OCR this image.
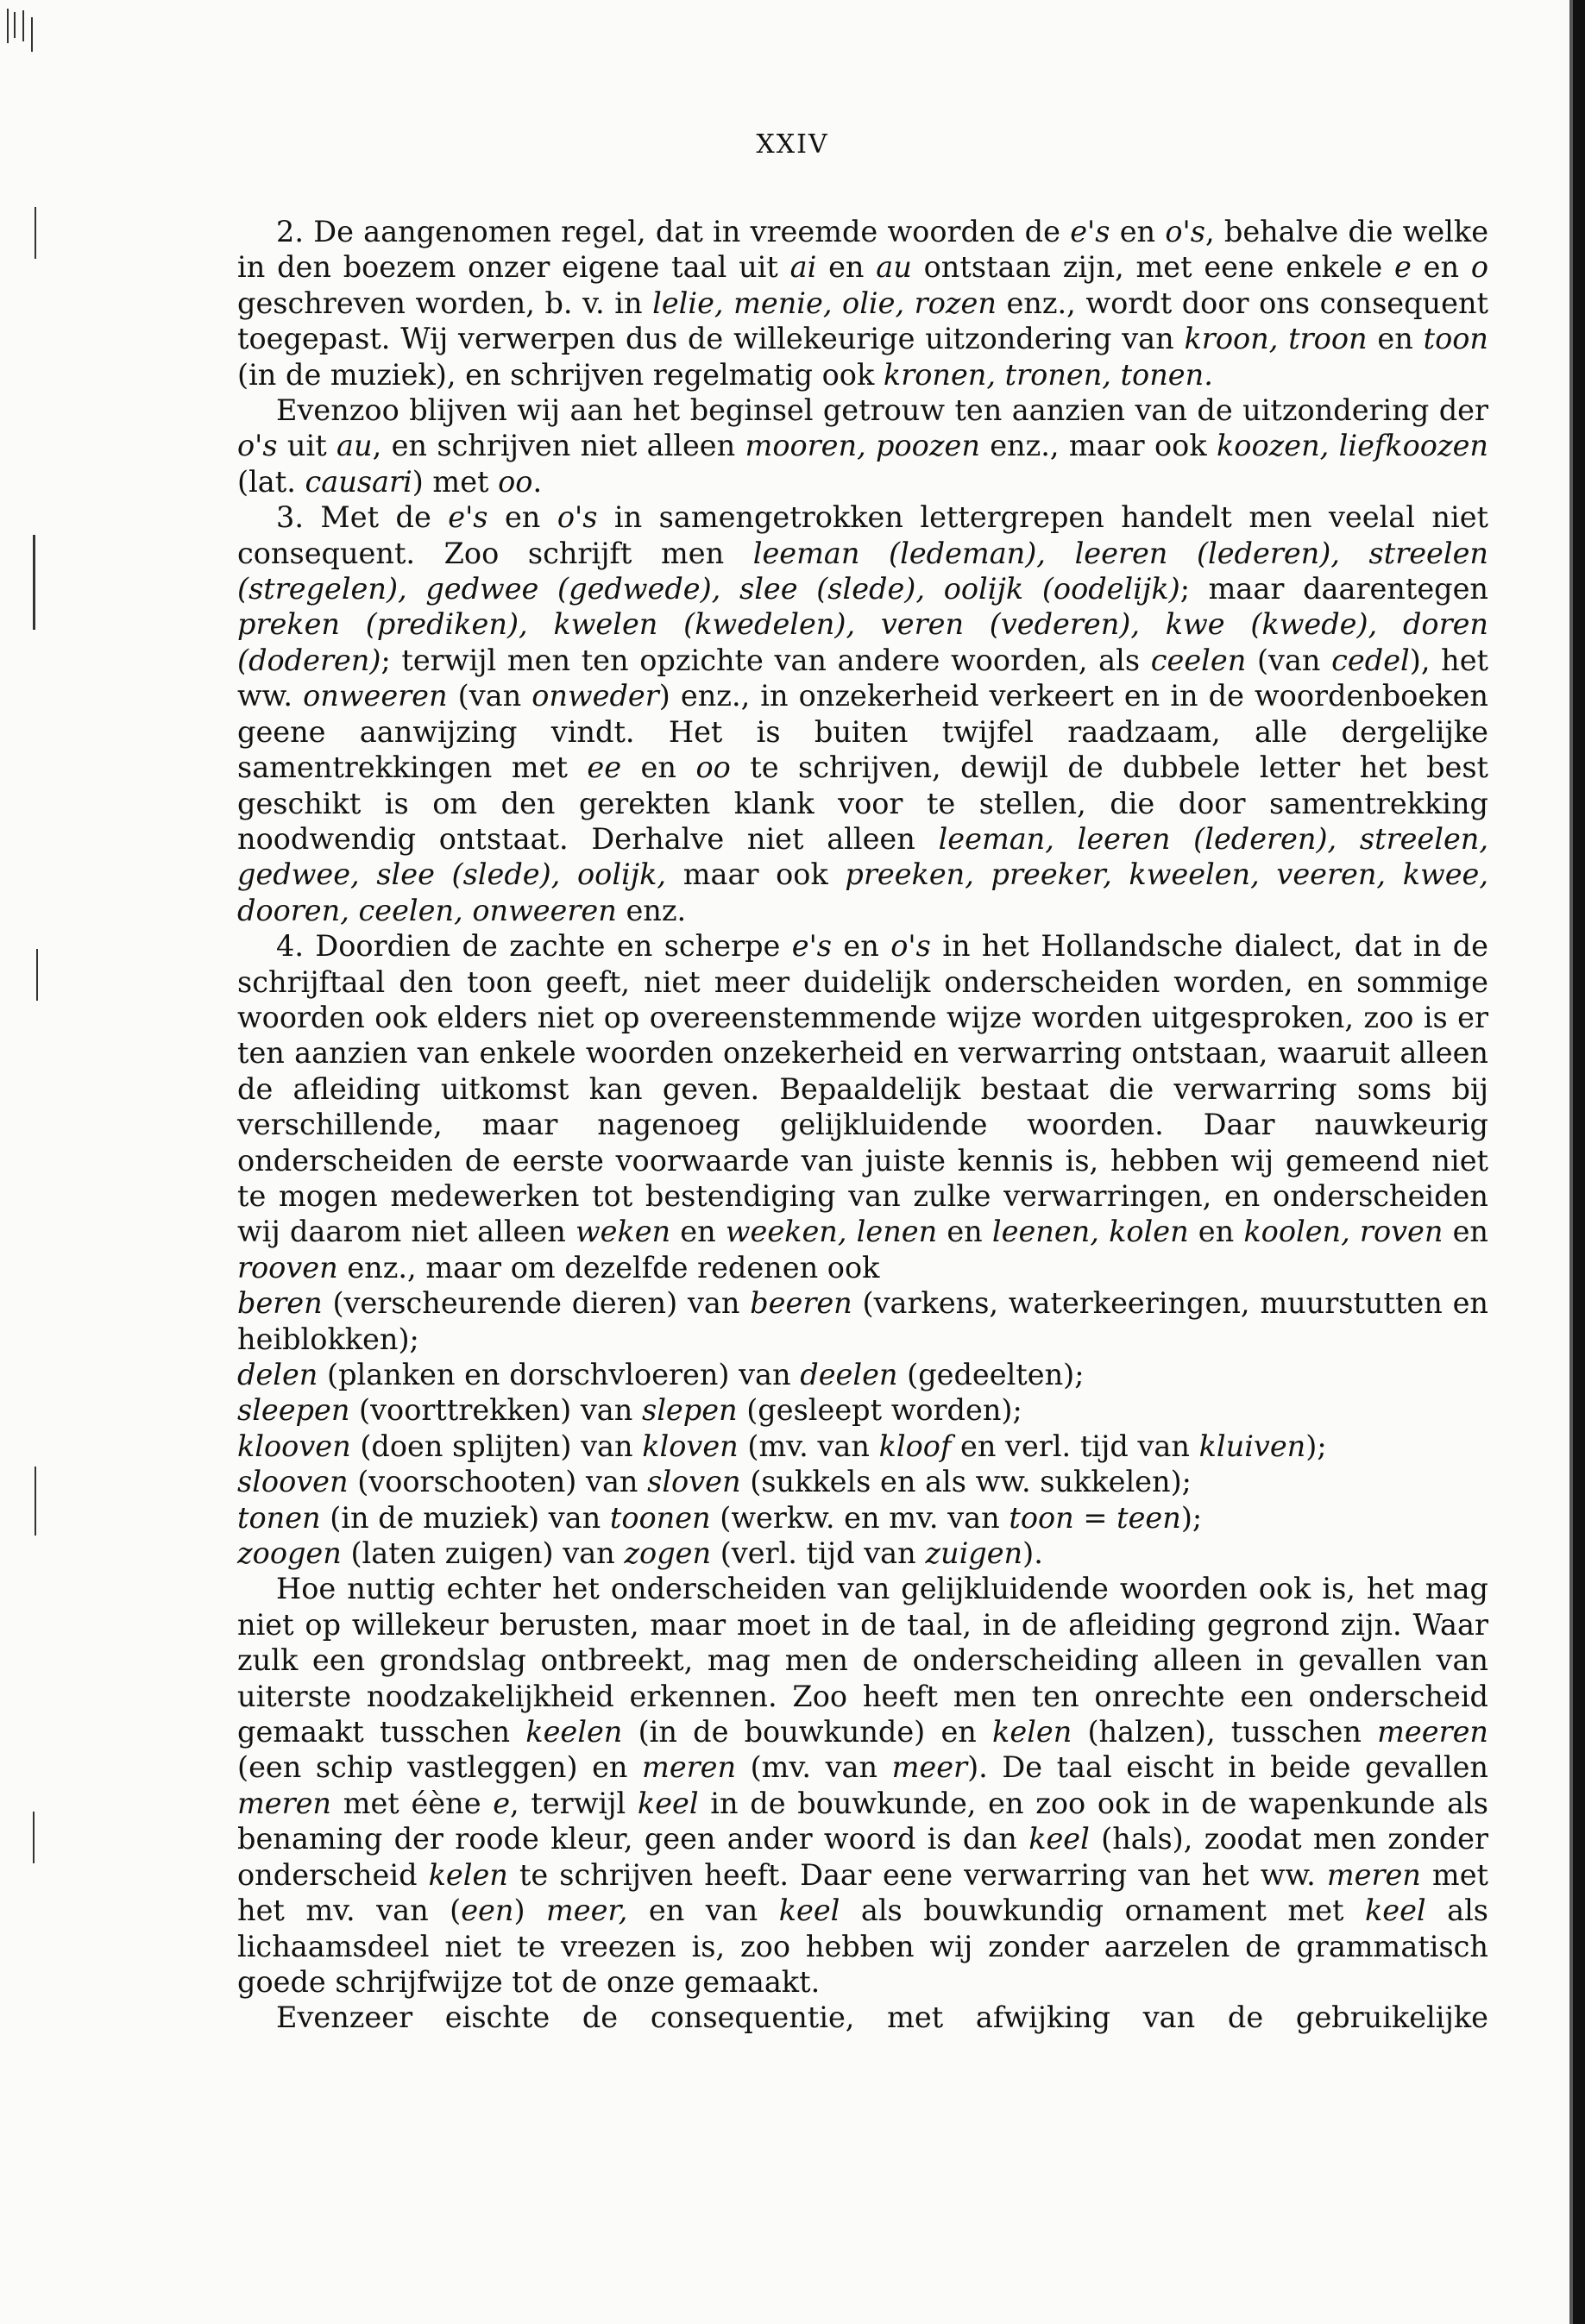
XXIV

2. De aangenomen regel, dat in vreemde woorden de e's en o's, behalve die welke in den boezem onzer eigene taal uit ai en au ontstaan zijn, met eene enkele e en o geschreven worden, b. v. in lelie, menie, olie, rozen enz., wordt door ons consequent toegepast. Wij verwerpen dus de willekeurige uitzondering van kroon, troon en toon (in de muziek), en schrijven regelmatig ook kronen, tronen, tonen.

Evenzoo blijven wij aan het beginsel getrouw ten aanzien van de uitzondering der o's uit au, en schrijven niet alleen mooren, poozen enz., maar ook koozen, liefkoozen (lat. causari) met oo.

3. Met de e's en o's in samengetrokken lettergrepen handelt men veelal niet consequent. Zoo schrijft men leeman (ledeman), leeren (lederen), streelen (stregelen), gedwee (gedwede), slee (slede), oolijk (oodelijk); maar daarentegen preken (prediken), kwelen (kwedelen), veren (vederen), kwe (kwede), doren (doderen); terwijl men ten opzichte van andere woorden, als ceelen (van cedel), het ww. onweeren (van onweder) enz., in onzekerheid verkeert en in de woordenboeken geene aanwijzing vindt. Het is buiten twijfel raadzaam, alle dergelijke samentrekkingen met ee en oo te schrijven, dewijl de dubbele letter het best geschikt is om den gerekten klank voor te stellen, die door samentrekking noodwendig ontstaat. Derhalve niet alleen leeman, leeren (lederen), streelen, gedwee, slee (slede), oolijk, maar ook preeken, preeker, kweelen, veeren, kwee, dooren, ceelen, onweeren enz.

4. Doordien de zachte en scherpe e's en o's in het Hollandsche dialect, dat in de schrijftaal den toon geeft, niet meer duidelijk onderscheiden worden, en sommige woorden ook elders niet op overeenstemmende wijze worden uitgesproken, zoo is er ten aanzien van enkele woorden onzekerheid en verwarring ontstaan, waaruit alleen de afleiding uitkomst kan geven. Bepaaldelijk bestaat die verwarring soms bij verschillende, maar nagenoeg gelijkluidende woorden. Daar nauwkeurig onderscheiden de eerste voorwaarde van juiste kennis is, hebben wij gemeend niet te mogen medewerken tot bestendiging van zulke verwarringen, en onderscheiden wij daarom niet alleen weken en weeken, lenen en leenen, kolen en koolen, roven en rooven enz., maar om dezelfde redenen ook

beren (verscheurende dieren) van beeren (varkens, waterkeeringen, muurstutten en heiblokken);

delen (planken en dorschvloeren) van deelen (gedeelten);

sleepen (voorttrekken) van slepen (gesleept worden);

klooven (doen splijten) van kloven (mv. van kloof en verl. tijd van kluiven);

slooven (voorschooten) van sloven (sukkels en als ww. sukkelen);

tonen (in de muziek) van toonen (werkw. en mv. van toon = teen);

zoogen (laten zuigen) van zogen (verl. tijd van zuigen).

Hoe nuttig echter het onderscheiden van gelijkluidende woorden ook is, het mag niet op willekeur berusten, maar moet in de taal, in de afleiding gegrond zijn. Waar zulk een grondslag ontbreekt, mag men de onderscheiding alleen in gevallen van uiterste noodzakelijkheid erkennen. Zoo heeft men ten onrechte een onderscheid gemaakt tusschen keelen (in de bouwkunde) en kelen (halzen), tusschen meeren (een schip vastleggen) en meren (mv. van meer). De taal eischt in beide gevallen meren met éène e, terwijl keel in de bouwkunde, en zoo ook in de wapenkunde als benaming der roode kleur, geen ander woord is dan keel (hals), zoodat men zonder onderscheid kelen te schrijven heeft. Daar eene verwarring van het ww. meren met het mv. van (een) meer, en van keel als bouwkundig ornament met keel als lichaamsdeel niet te vreezen is, zoo hebben wij zonder aarzelen de grammatisch goede schrijfwijze tot de onze gemaakt.

Evenzeer eischte de consequentie, met afwijking van de gebruikelijke
